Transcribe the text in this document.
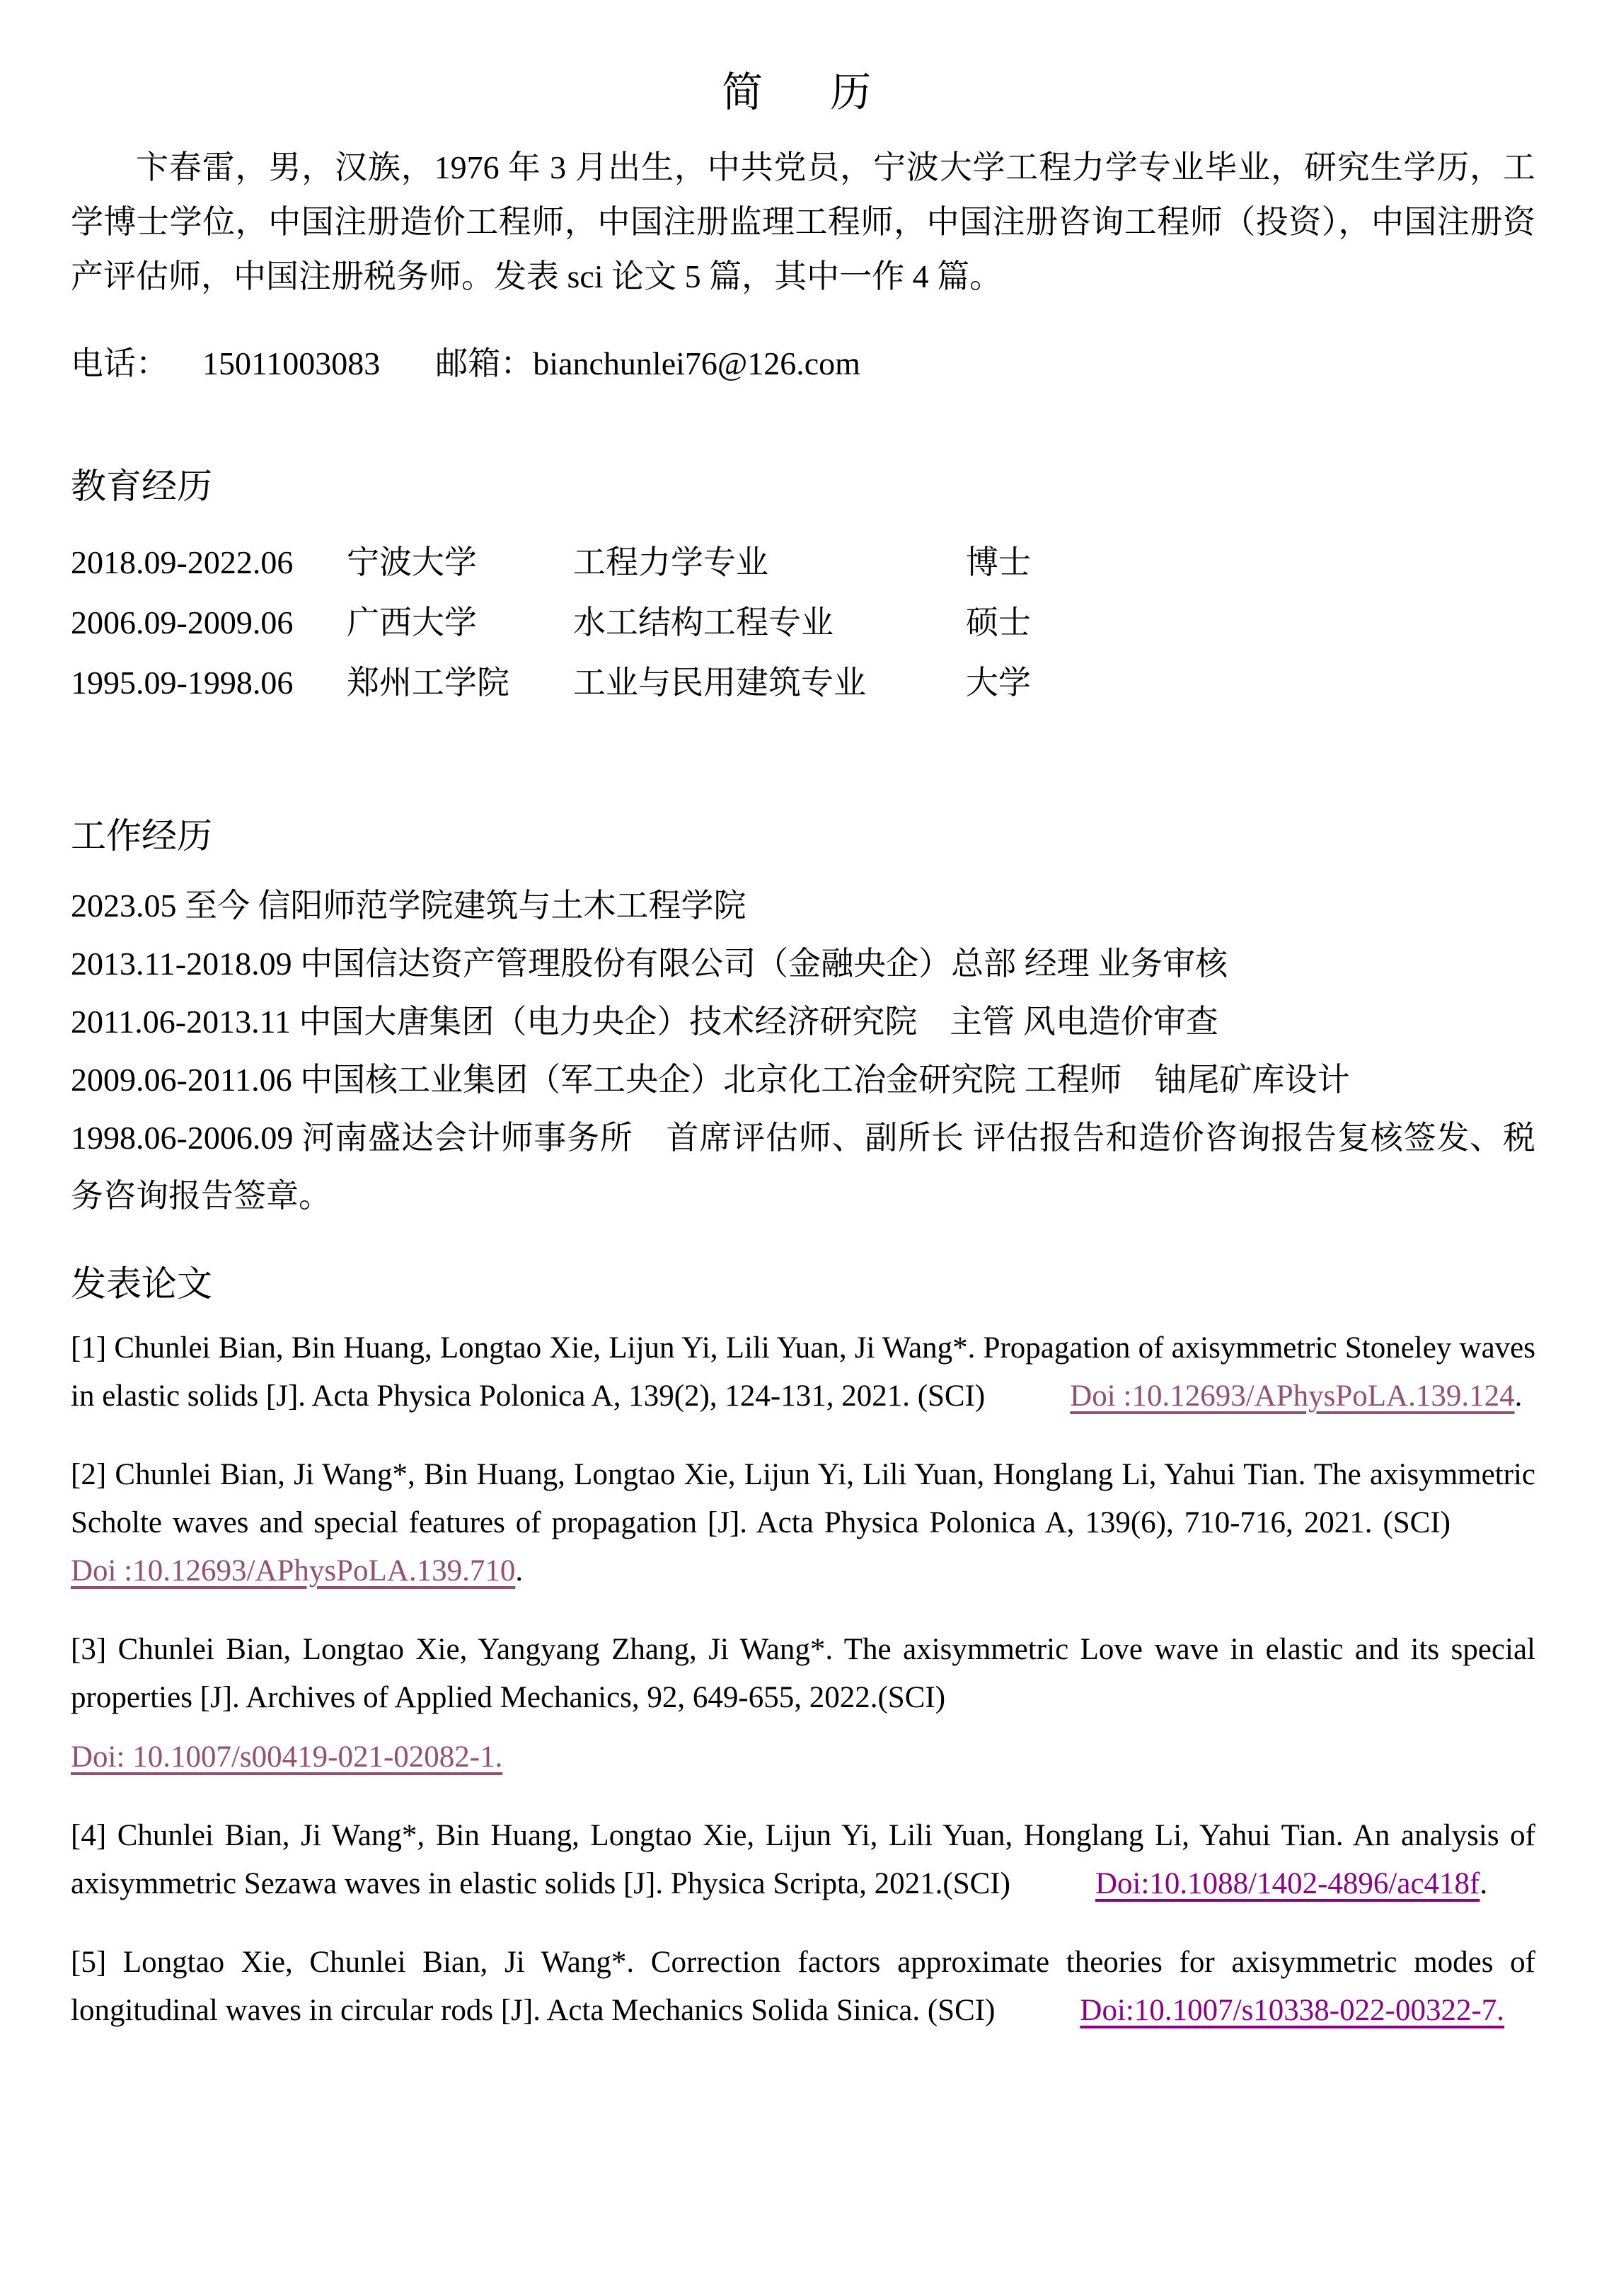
简　历

卞春雷，男，汉族，1976 年 3 月出生，中共党员，宁波大学工程力学专业毕业，研究生学历，工学博士学位，中国注册造价工程师，中国注册监理工程师，中国注册咨询工程师（投资），中国注册资产评估师，中国注册税务师。发表 sci 论文 5 篇，其中一作 4 篇。

电话： 15011003083 邮箱：bianchunlei76@126.com
教育经历
2018.09-2022.06	宁波大学	工程力学专业	博士
2006.09-2009.06	广西大学	水工结构工程专业	硕士
1995.09-1998.06	郑州工学院	工业与民用建筑专业	大学
工作经历
2023.05 至今 信阳师范学院建筑与土木工程学院
2013.11-2018.09 中国信达资产管理股份有限公司（金融央企）总部 经理 业务审核
2011.06-2013.11 中国大唐集团（电力央企）技术经济研究院　主管 风电造价审查
2009.06-2011.06 中国核工业集团（军工央企）北京化工冶金研究院 工程师　铀尾矿库设计
1998.06-2006.09 河南盛达会计师事务所　首席评估师、副所长 评估报告和造价咨询报告复核签发、税务咨询报告签章。
发表论文

[1] Chunlei Bian, Bin Huang, Longtao Xie, Lijun Yi, Lili Yuan, Ji Wang*. Propagation of axisymmetric Stoneley waves in elastic solids [J]. Acta Physica Polonica A, 139(2), 124-131, 2021. (SCI)	Doi :10.12693/APhysPoLA.139.124.

[2] Chunlei Bian, Ji Wang*, Bin Huang, Longtao Xie, Lijun Yi, Lili Yuan, Honglang Li, Yahui Tian. The axisymmetric Scholte waves and special features of propagation [J]. Acta Physica Polonica A, 139(6), 710-716, 2021. (SCI)Doi :10.12693/APhysPoLA.139.710.

[3] Chunlei Bian, Longtao Xie, Yangyang Zhang, Ji Wang*. The axisymmetric Love wave in elastic and its special properties [J]. Archives of Applied Mechanics, 92, 649-655, 2022.(SCI)
Doi: 10.1007/s00419-021-02082-1.

[4] Chunlei Bian, Ji Wang*, Bin Huang, Longtao Xie, Lijun Yi, Lili Yuan, Honglang Li, Yahui Tian. An analysis of axisymmetric Sezawa waves in elastic solids [J]. Physica Scripta, 2021.(SCI)	Doi:10.1088/1402-4896/ac418f.

[5] Longtao Xie, Chunlei Bian, Ji Wang*. Correction factors approximate theories for axisymmetric modes of longitudinal waves in circular rods [J]. Acta Mechanics Solida Sinica. (SCI)	Doi:10.1007/s10338-022-00322-7.
